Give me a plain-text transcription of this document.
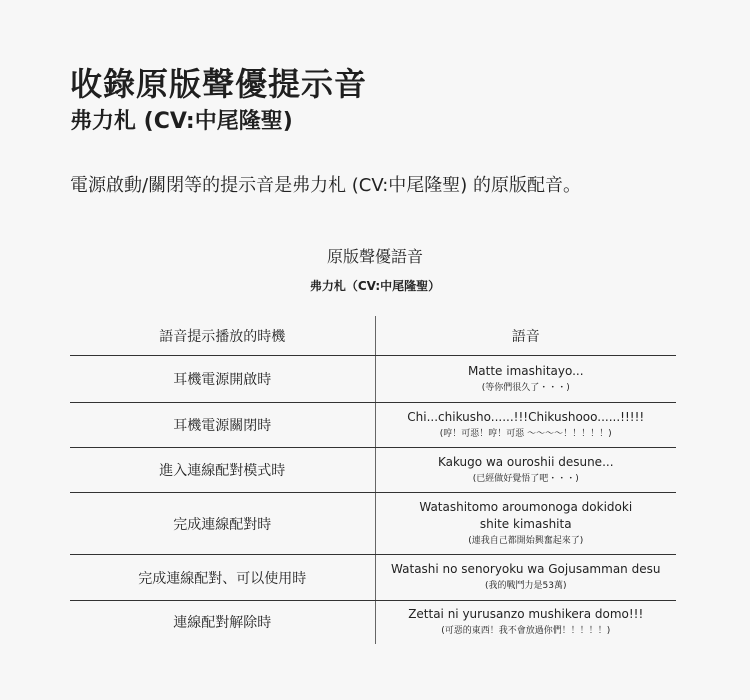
收錄原版聲優提示音
弗力札 (CV:中尾隆聖)
電源啟動/關閉等的提示音是弗力札 (CV:中尾隆聖) 的原版配音。
原版聲優語音
弗力札（CV:中尾隆聖）
語音提示播放的時機	語音
耳機電源開啟時	Matte imashitayo...
(等你們很久了・・・)

耳機電源關閉時	Chi...chikusho......!!!Chikushooo......!!!!!
(哼！可惡！哼！可惡 〜〜〜〜！！！！！)

進入連線配對模式時	Kakugo wa ouroshii desune...
(已經做好覺悟了吧・・・)

完成連線配對時	Watashitomo aroumonoga dokidoki
shite kimashita
(連我自己都開始興奮起來了)

完成連線配對、可以使用時	Watashi no senoryoku wa Gojusamman desu
(我的戰鬥力是53萬)

連線配對解除時	Zettai ni yurusanzo mushikera domo!!!
(可惡的東西！我不會放過你們！！！！！)
